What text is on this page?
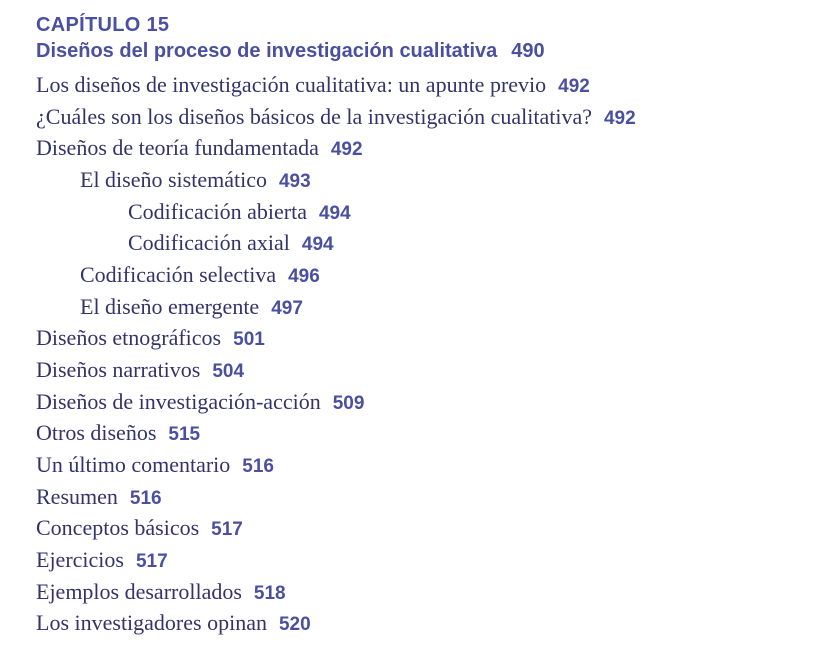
CAPÍTULO 15
Diseños del proceso de investigación cualitativa 490
Los diseños de investigación cualitativa: un apunte previo 492
¿Cuáles son los diseños básicos de la investigación cualitativa? 492
Diseños de teoría fundamentada 492
El diseño sistemático 493
Codificación abierta 494
Codificación axial 494
Codificación selectiva 496
El diseño emergente 497
Diseños etnográficos 501
Diseños narrativos 504
Diseños de investigación-acción 509
Otros diseños 515
Un último comentario 516
Resumen 516
Conceptos básicos 517
Ejercicios 517
Ejemplos desarrollados 518
Los investigadores opinan 520
